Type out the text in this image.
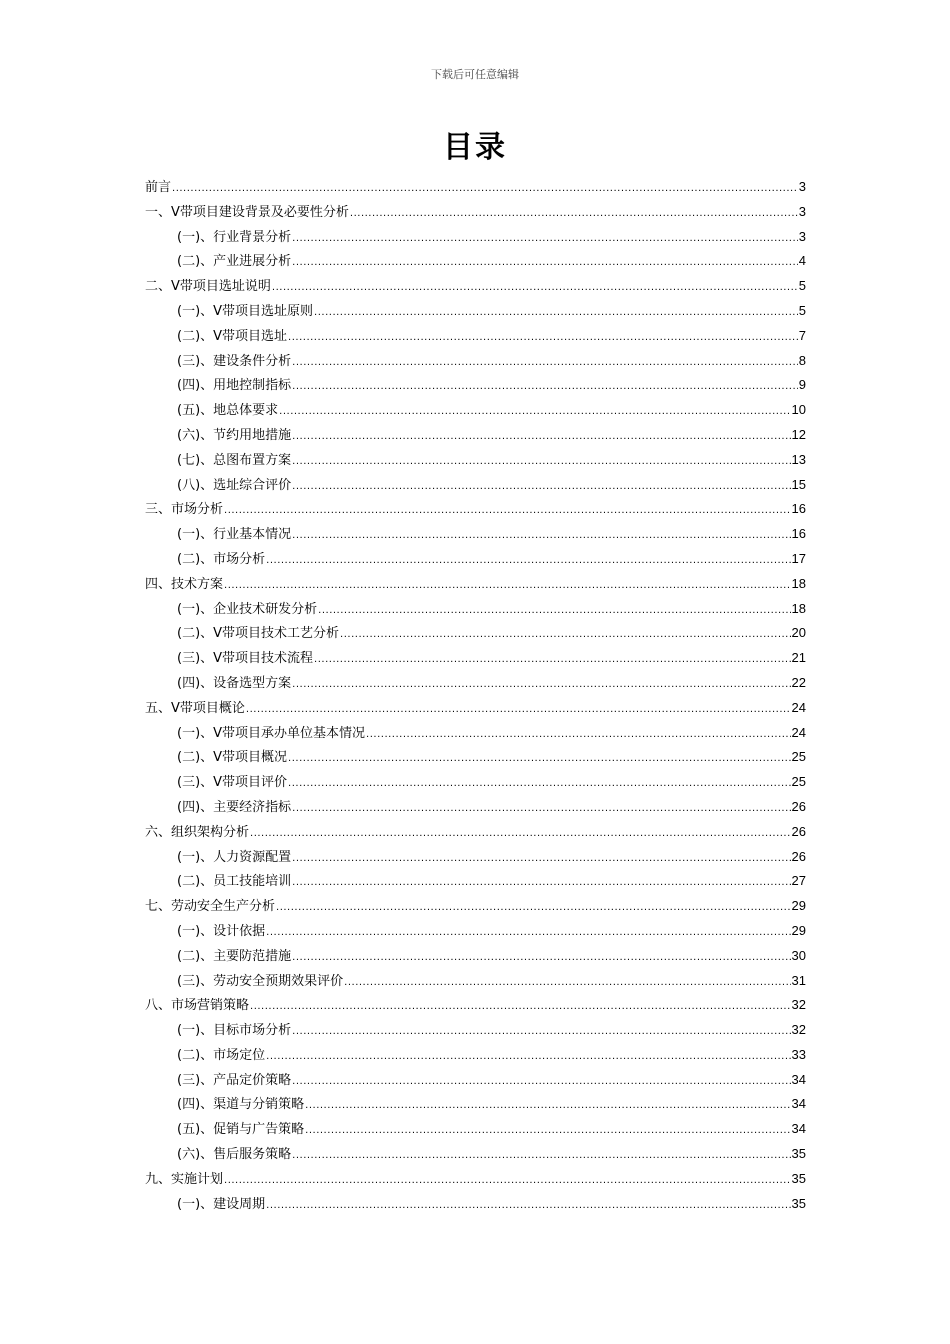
下载后可任意编辑
目录
前言 .....	3
一、V带项目建设背景及必要性分析 .....	3
(一)、行业背景分析 .....	3
(二)、产业进展分析 .....	4
二、V带项目选址说明 .....	5
(一)、V带项目选址原则 .....	5
(二)、V带项目选址 .....	7
(三)、建设条件分析 .....	8
(四)、用地控制指标 .....	9
(五)、地总体要求 .....	10
(六)、节约用地措施 .....	12
(七)、总图布置方案 .....	13
(八)、选址综合评价 .....	15
三、市场分析 .....	16
(一)、行业基本情况 .....	16
(二)、市场分析 .....	17
四、技术方案 .....	18
(一)、企业技术研发分析 .....	18
(二)、V带项目技术工艺分析 .....	20
(三)、V带项目技术流程 .....	21
(四)、设备选型方案 .....	22
五、V带项目概论 .....	24
(一)、V带项目承办单位基本情况 .....	24
(二)、V带项目概况 .....	25
(三)、V带项目评价 .....	25
(四)、主要经济指标 .....	26
六、组织架构分析 .....	26
(一)、人力资源配置 .....	26
(二)、员工技能培训 .....	27
七、劳动安全生产分析 .....	29
(一)、设计依据 .....	29
(二)、主要防范措施 .....	30
(三)、劳动安全预期效果评价 .....	31
八、市场营销策略 .....	32
(一)、目标市场分析 .....	32
(二)、市场定位 .....	33
(三)、产品定价策略 .....	34
(四)、渠道与分销策略 .....	34
(五)、促销与广告策略 .....	34
(六)、售后服务策略 .....	35
九、实施计划 .....	35
(一)、建设周期 .....	35
